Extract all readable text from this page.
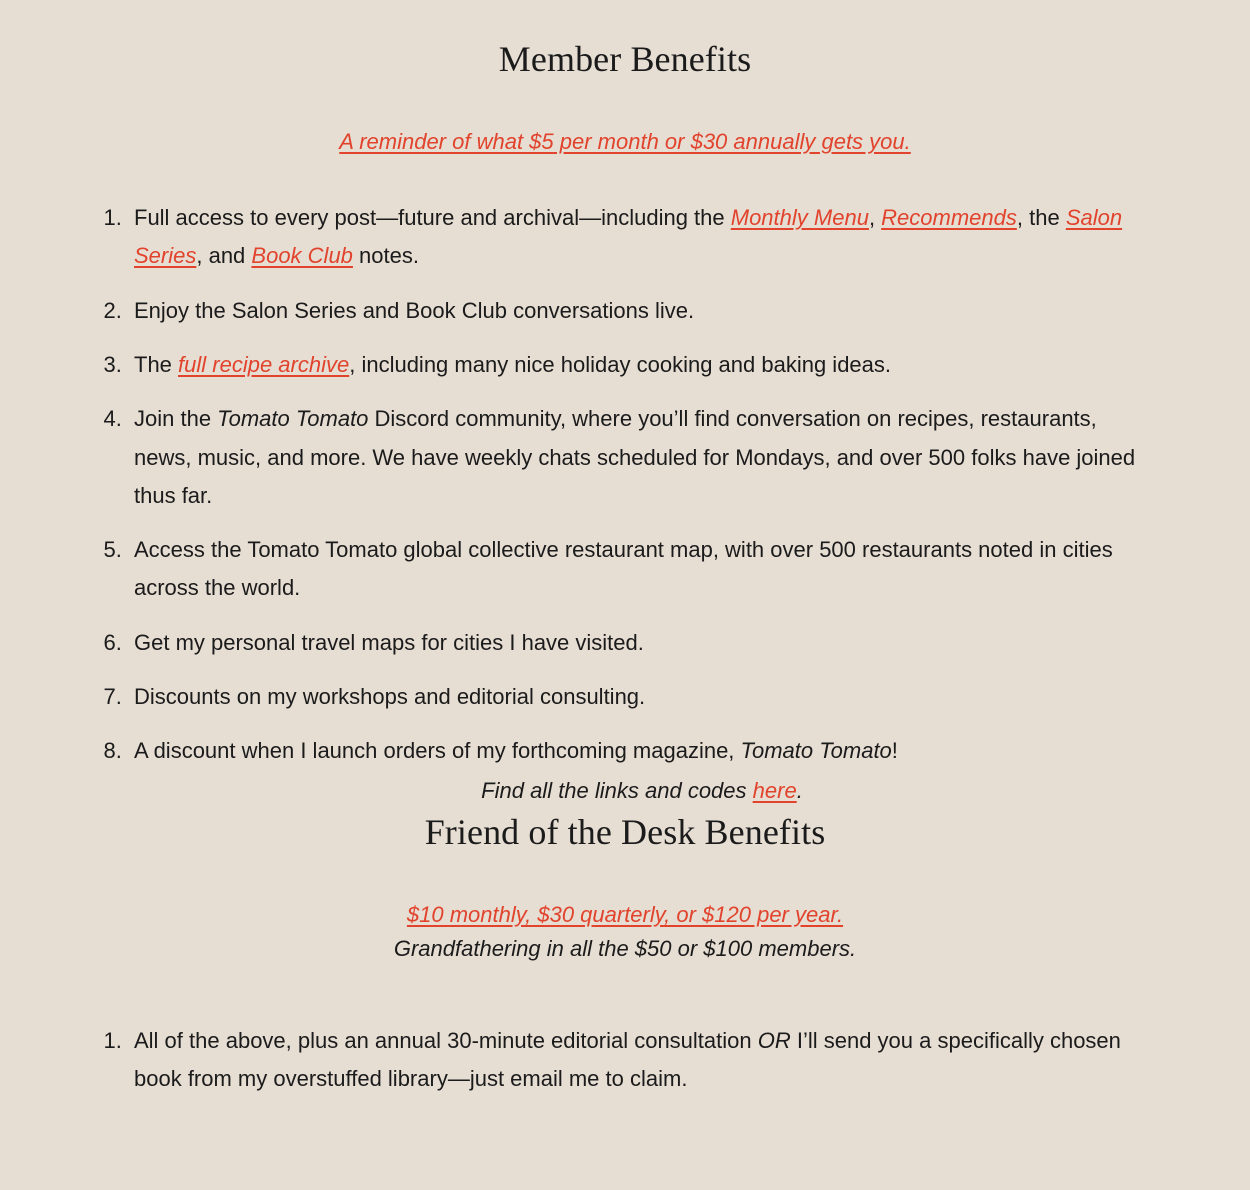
Member Benefits
A reminder of what $5 per month or $30 annually gets you.
1. Full access to every post—future and archival—including the Monthly Menu, Recommends, the Salon Series, and Book Club notes.
2. Enjoy the Salon Series and Book Club conversations live.
3. The full recipe archive, including many nice holiday cooking and baking ideas.
4. Join the Tomato Tomato Discord community, where you’ll find conversation on recipes, restaurants, news, music, and more. We have weekly chats scheduled for Mondays, and over 500 folks have joined thus far.
5. Access the Tomato Tomato global collective restaurant map, with over 500 restaurants noted in cities across the world.
6. Get my personal travel maps for cities I have visited.
7. Discounts on my workshops and editorial consulting.
8. A discount when I launch orders of my forthcoming magazine, Tomato Tomato!
Find all the links and codes here.
Friend of the Desk Benefits
$10 monthly, $30 quarterly, or $120 per year.
Grandfathering in all the $50 or $100 members.
1. All of the above, plus an annual 30-minute editorial consultation OR I’ll send you a specifically chosen book from my overstuffed library—just email me to claim.
